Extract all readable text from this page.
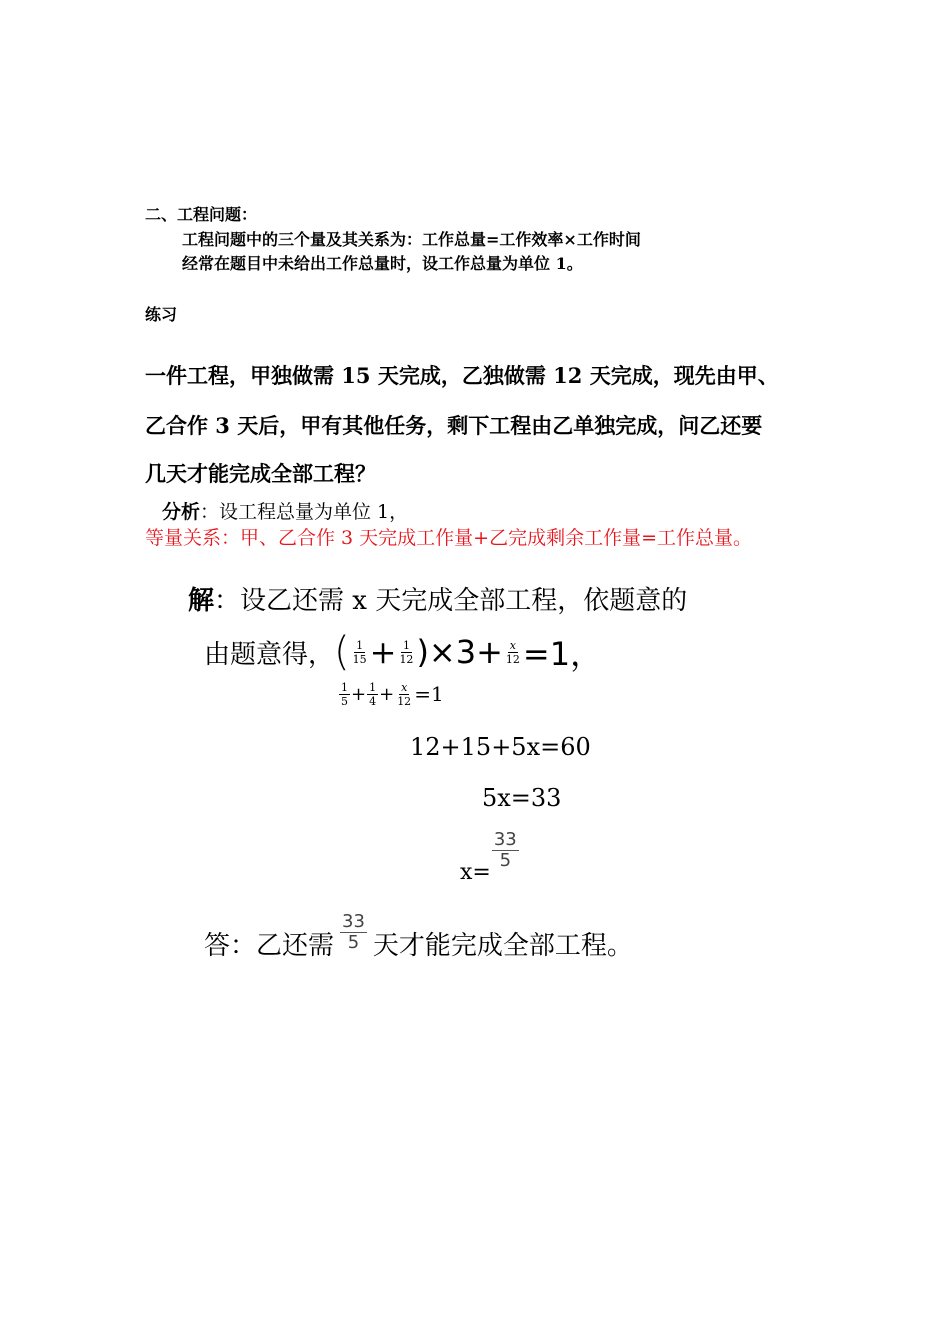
二、工程问题：
工程问题中的三个量及其关系为：工作总量=工作效率×工作时间
经常在题目中未给出工作总量时，设工作总量为单位 1。
练习
一件工程，甲独做需 15 天完成，乙独做需 12 天完成，现先由甲、
乙合作 3 天后，甲有其他任务，剩下工程由乙单独完成，问乙还要
几天才能完成全部工程？
分析：设工程总量为单位 1，
等量关系：甲、乙合作 3 天完成工作量+乙完成剩余工作量=工作总量。
解：设乙还需 x 天完成全部工程，依题意的
由题意得， ( $\frac{1}{15} + \frac{1}{12} )\times 3+ \frac{x}{12} =1$，
$\frac{1}{5} + \frac{1}{4} + \frac{x}{12} =1$
12+15+5x=60
5x=33
x=
$\frac{33}{5}$
答：乙还需 $\frac{33}{5}$ 天才能完成全部工程。
